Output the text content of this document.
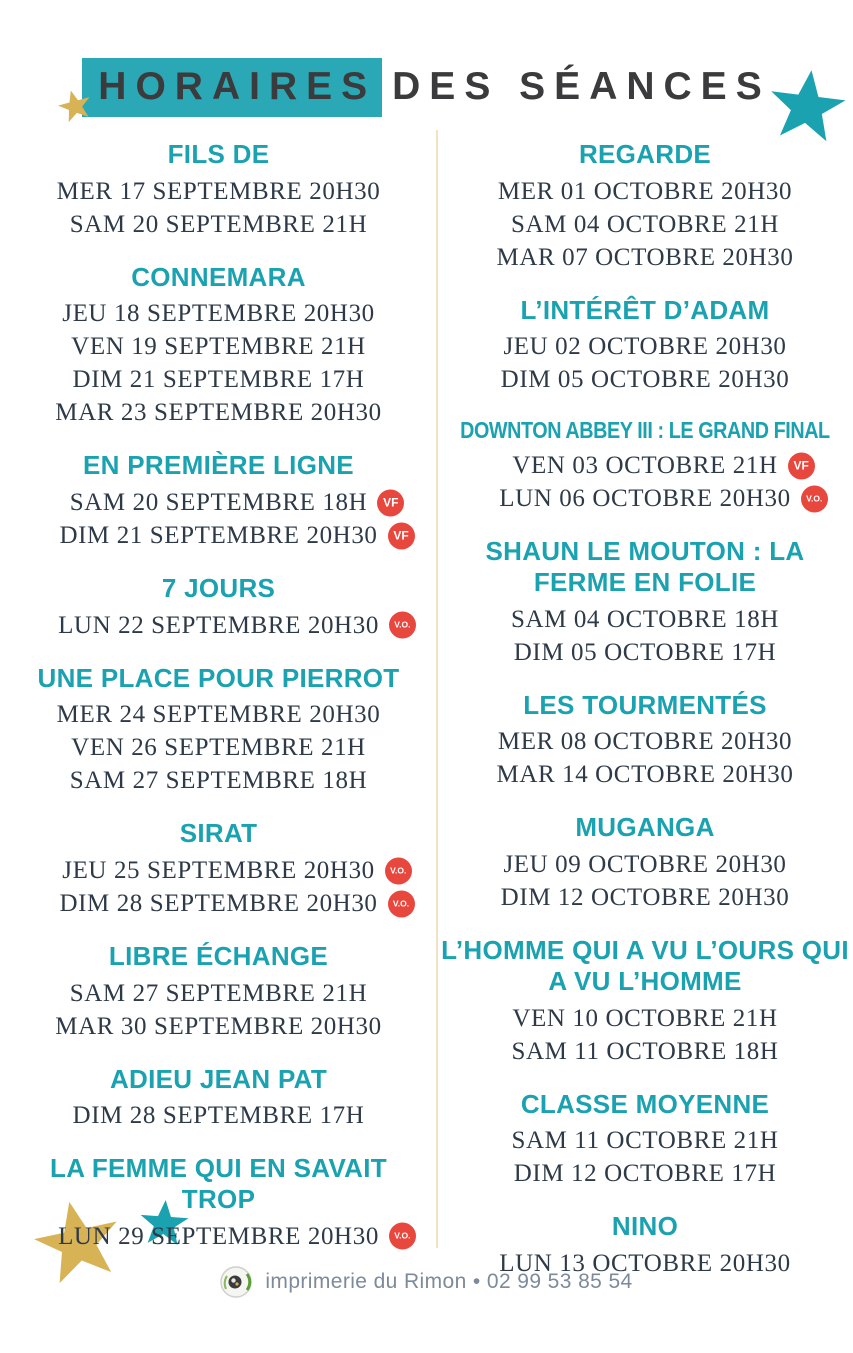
HORAIRES DES SÉANCES
FILS DE
MER 17 SEPTEMBRE 20H30
SAM 20 SEPTEMBRE 21H
CONNEMARA
JEU 18 SEPTEMBRE 20H30
VEN 19 SEPTEMBRE 21H
DIM 21 SEPTEMBRE 17H
MAR 23 SEPTEMBRE 20H30
EN PREMIÈRE LIGNE
SAM 20 SEPTEMBRE 18H	VF
DIM 21 SEPTEMBRE 20H30	VF
7 JOURS
LUN 22 SEPTEMBRE 20H30	V.O.
UNE PLACE POUR PIERROT
MER 24 SEPTEMBRE 20H30
VEN 26 SEPTEMBRE 21H
SAM 27 SEPTEMBRE 18H
SIRAT
JEU 25 SEPTEMBRE 20H30	V.O.
DIM 28 SEPTEMBRE 20H30	V.O.
LIBRE ÉCHANGE
SAM 27 SEPTEMBRE 21H
MAR 30 SEPTEMBRE 20H30
ADIEU JEAN PAT
DIM 28 SEPTEMBRE 17H
LA FEMME QUI EN SAVAIT TROP
LUN 29 SEPTEMBRE 20H30	V.O.
REGARDE
MER 01 OCTOBRE 20H30
SAM 04 OCTOBRE 21H
MAR 07 OCTOBRE 20H30
L’INTÉRÊT D’ADAM
JEU 02 OCTOBRE 20H30
DIM 05 OCTOBRE 20H30
DOWNTON ABBEY III : LE GRAND FINAL
VEN 03 OCTOBRE 21H	VF
LUN 06 OCTOBRE 20H30	V.O.
SHAUN LE MOUTON : LA FERME EN FOLIE
SAM 04 OCTOBRE 18H
DIM 05 OCTOBRE 17H
LES TOURMENTÉS
MER 08 OCTOBRE 20H30
MAR 14 OCTOBRE 20H30
MUGANGA
JEU 09 OCTOBRE 20H30
DIM 12 OCTOBRE 20H30
L’HOMME QUI A VU L’OURS QUI A VU L’HOMME
VEN 10 OCTOBRE 21H
SAM 11 OCTOBRE 18H
CLASSE MOYENNE
SAM 11 OCTOBRE 21H
DIM 12 OCTOBRE 17H
NINO
LUN 13 OCTOBRE 20H30
imprimerie du Rimon • 02 99 53 85 54
